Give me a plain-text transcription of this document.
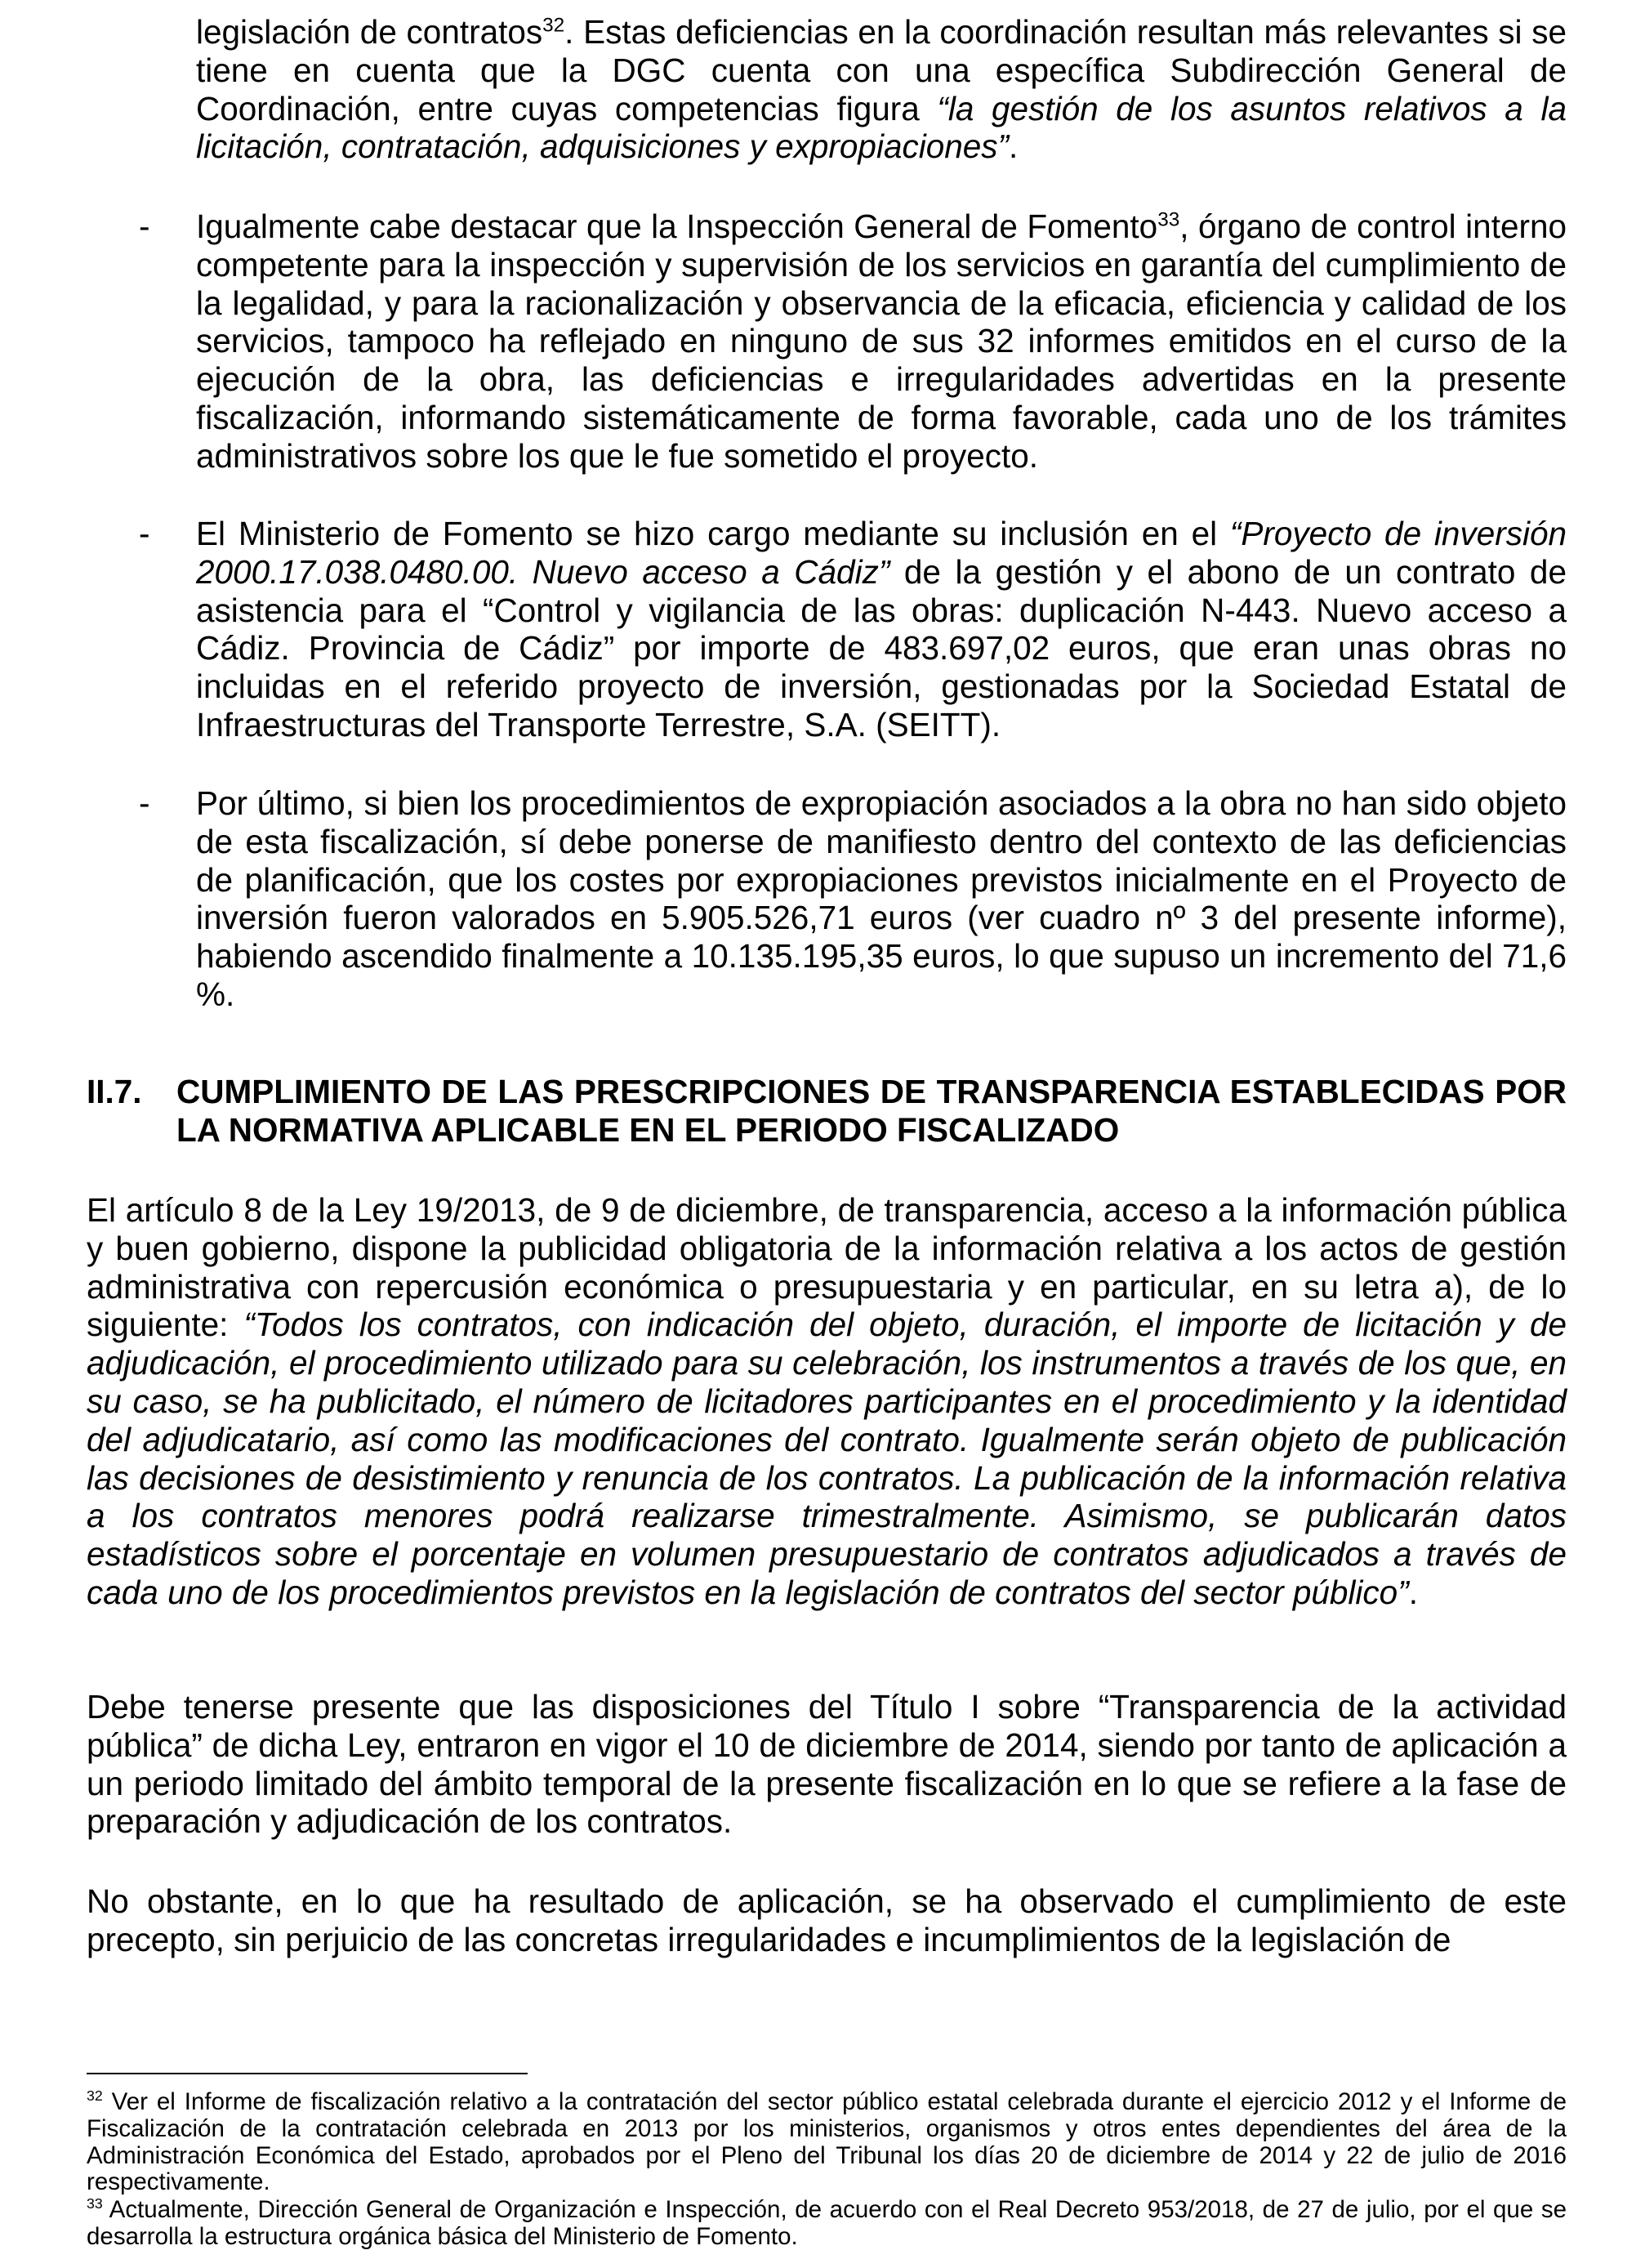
legislación de contratos$^{32}$. Estas deficiencias en la coordinación resultan más relevantes si se tiene en cuenta que la DGC cuenta con una específica Subdirección General de Coordinación, entre cuyas competencias figura “la gestión de los asuntos relativos a la licitación, contratación, adquisiciones y expropiaciones”.

-	Igualmente cabe destacar que la Inspección General de Fomento$^{33}$, órgano de control interno competente para la inspección y supervisión de los servicios en garantía del cumplimiento de la legalidad, y para la racionalización y observancia de la eficacia, eficiencia y calidad de los servicios, tampoco ha reflejado en ninguno de sus 32 informes emitidos en el curso de la ejecución de la obra, las deficiencias e irregularidades advertidas en la presente fiscalización, informando sistemáticamente de forma favorable, cada uno de los trámites administrativos sobre los que le fue sometido el proyecto.

-	El Ministerio de Fomento se hizo cargo mediante su inclusión en el “Proyecto de inversión 2000.17.038.0480.00. Nuevo acceso a Cádiz” de la gestión y el abono de un contrato de asistencia para el “Control y vigilancia de las obras: duplicación N-443. Nuevo acceso a Cádiz. Provincia de Cádiz” por importe de 483.697,02 euros, que eran unas obras no incluidas en el referido proyecto de inversión, gestionadas por la Sociedad Estatal de Infraestructuras del Transporte Terrestre, S.A. (SEITT).

-	Por último, si bien los procedimientos de expropiación asociados a la obra no han sido objeto de esta fiscalización, sí debe ponerse de manifiesto dentro del contexto de las deficiencias de planificación, que los costes por expropiaciones previstos inicialmente en el Proyecto de inversión fueron valorados en 5.905.526,71 euros (ver cuadro nº 3 del presente informe), habiendo ascendido finalmente a 10.135.195,35 euros, lo que supuso un incremento del 71,6 %.

II.7. CUMPLIMIENTO DE LAS PRESCRIPCIONES DE TRANSPARENCIA ESTABLECIDAS POR LA NORMATIVA APLICABLE EN EL PERIODO FISCALIZADO

El artículo 8 de la Ley 19/2013, de 9 de diciembre, de transparencia, acceso a la información pública y buen gobierno, dispone la publicidad obligatoria de la información relativa a los actos de gestión administrativa con repercusión económica o presupuestaria y en particular, en su letra a), de lo siguiente: “Todos los contratos, con indicación del objeto, duración, el importe de licitación y de adjudicación, el procedimiento utilizado para su celebración, los instrumentos a través de los que, en su caso, se ha publicitado, el número de licitadores participantes en el procedimiento y la identidad del adjudicatario, así como las modificaciones del contrato. Igualmente serán objeto de publicación las decisiones de desistimiento y renuncia de los contratos. La publicación de la información relativa a los contratos menores podrá realizarse trimestralmente. Asimismo, se publicarán datos estadísticos sobre el porcentaje en volumen presupuestario de contratos adjudicados a través de cada uno de los procedimientos previstos en la legislación de contratos del sector público”.

Debe tenerse presente que las disposiciones del Título I sobre “Transparencia de la actividad pública” de dicha Ley, entraron en vigor el 10 de diciembre de 2014, siendo por tanto de aplicación a un periodo limitado del ámbito temporal de la presente fiscalización en lo que se refiere a la fase de preparación y adjudicación de los contratos.

No obstante, en lo que ha resultado de aplicación, se ha observado el cumplimiento de este precepto, sin perjuicio de las concretas irregularidades e incumplimientos de la legislación de

$^{32}$ Ver el Informe de fiscalización relativo a la contratación del sector público estatal celebrada durante el ejercicio 2012 y el Informe de Fiscalización de la contratación celebrada en 2013 por los ministerios, organismos y otros entes dependientes del área de la Administración Económica del Estado, aprobados por el Pleno del Tribunal los días 20 de diciembre de 2014 y 22 de julio de 2016 respectivamente.

$^{33}$ Actualmente, Dirección General de Organización e Inspección, de acuerdo con el Real Decreto 953/2018, de 27 de julio, por el que se desarrolla la estructura orgánica básica del Ministerio de Fomento.
